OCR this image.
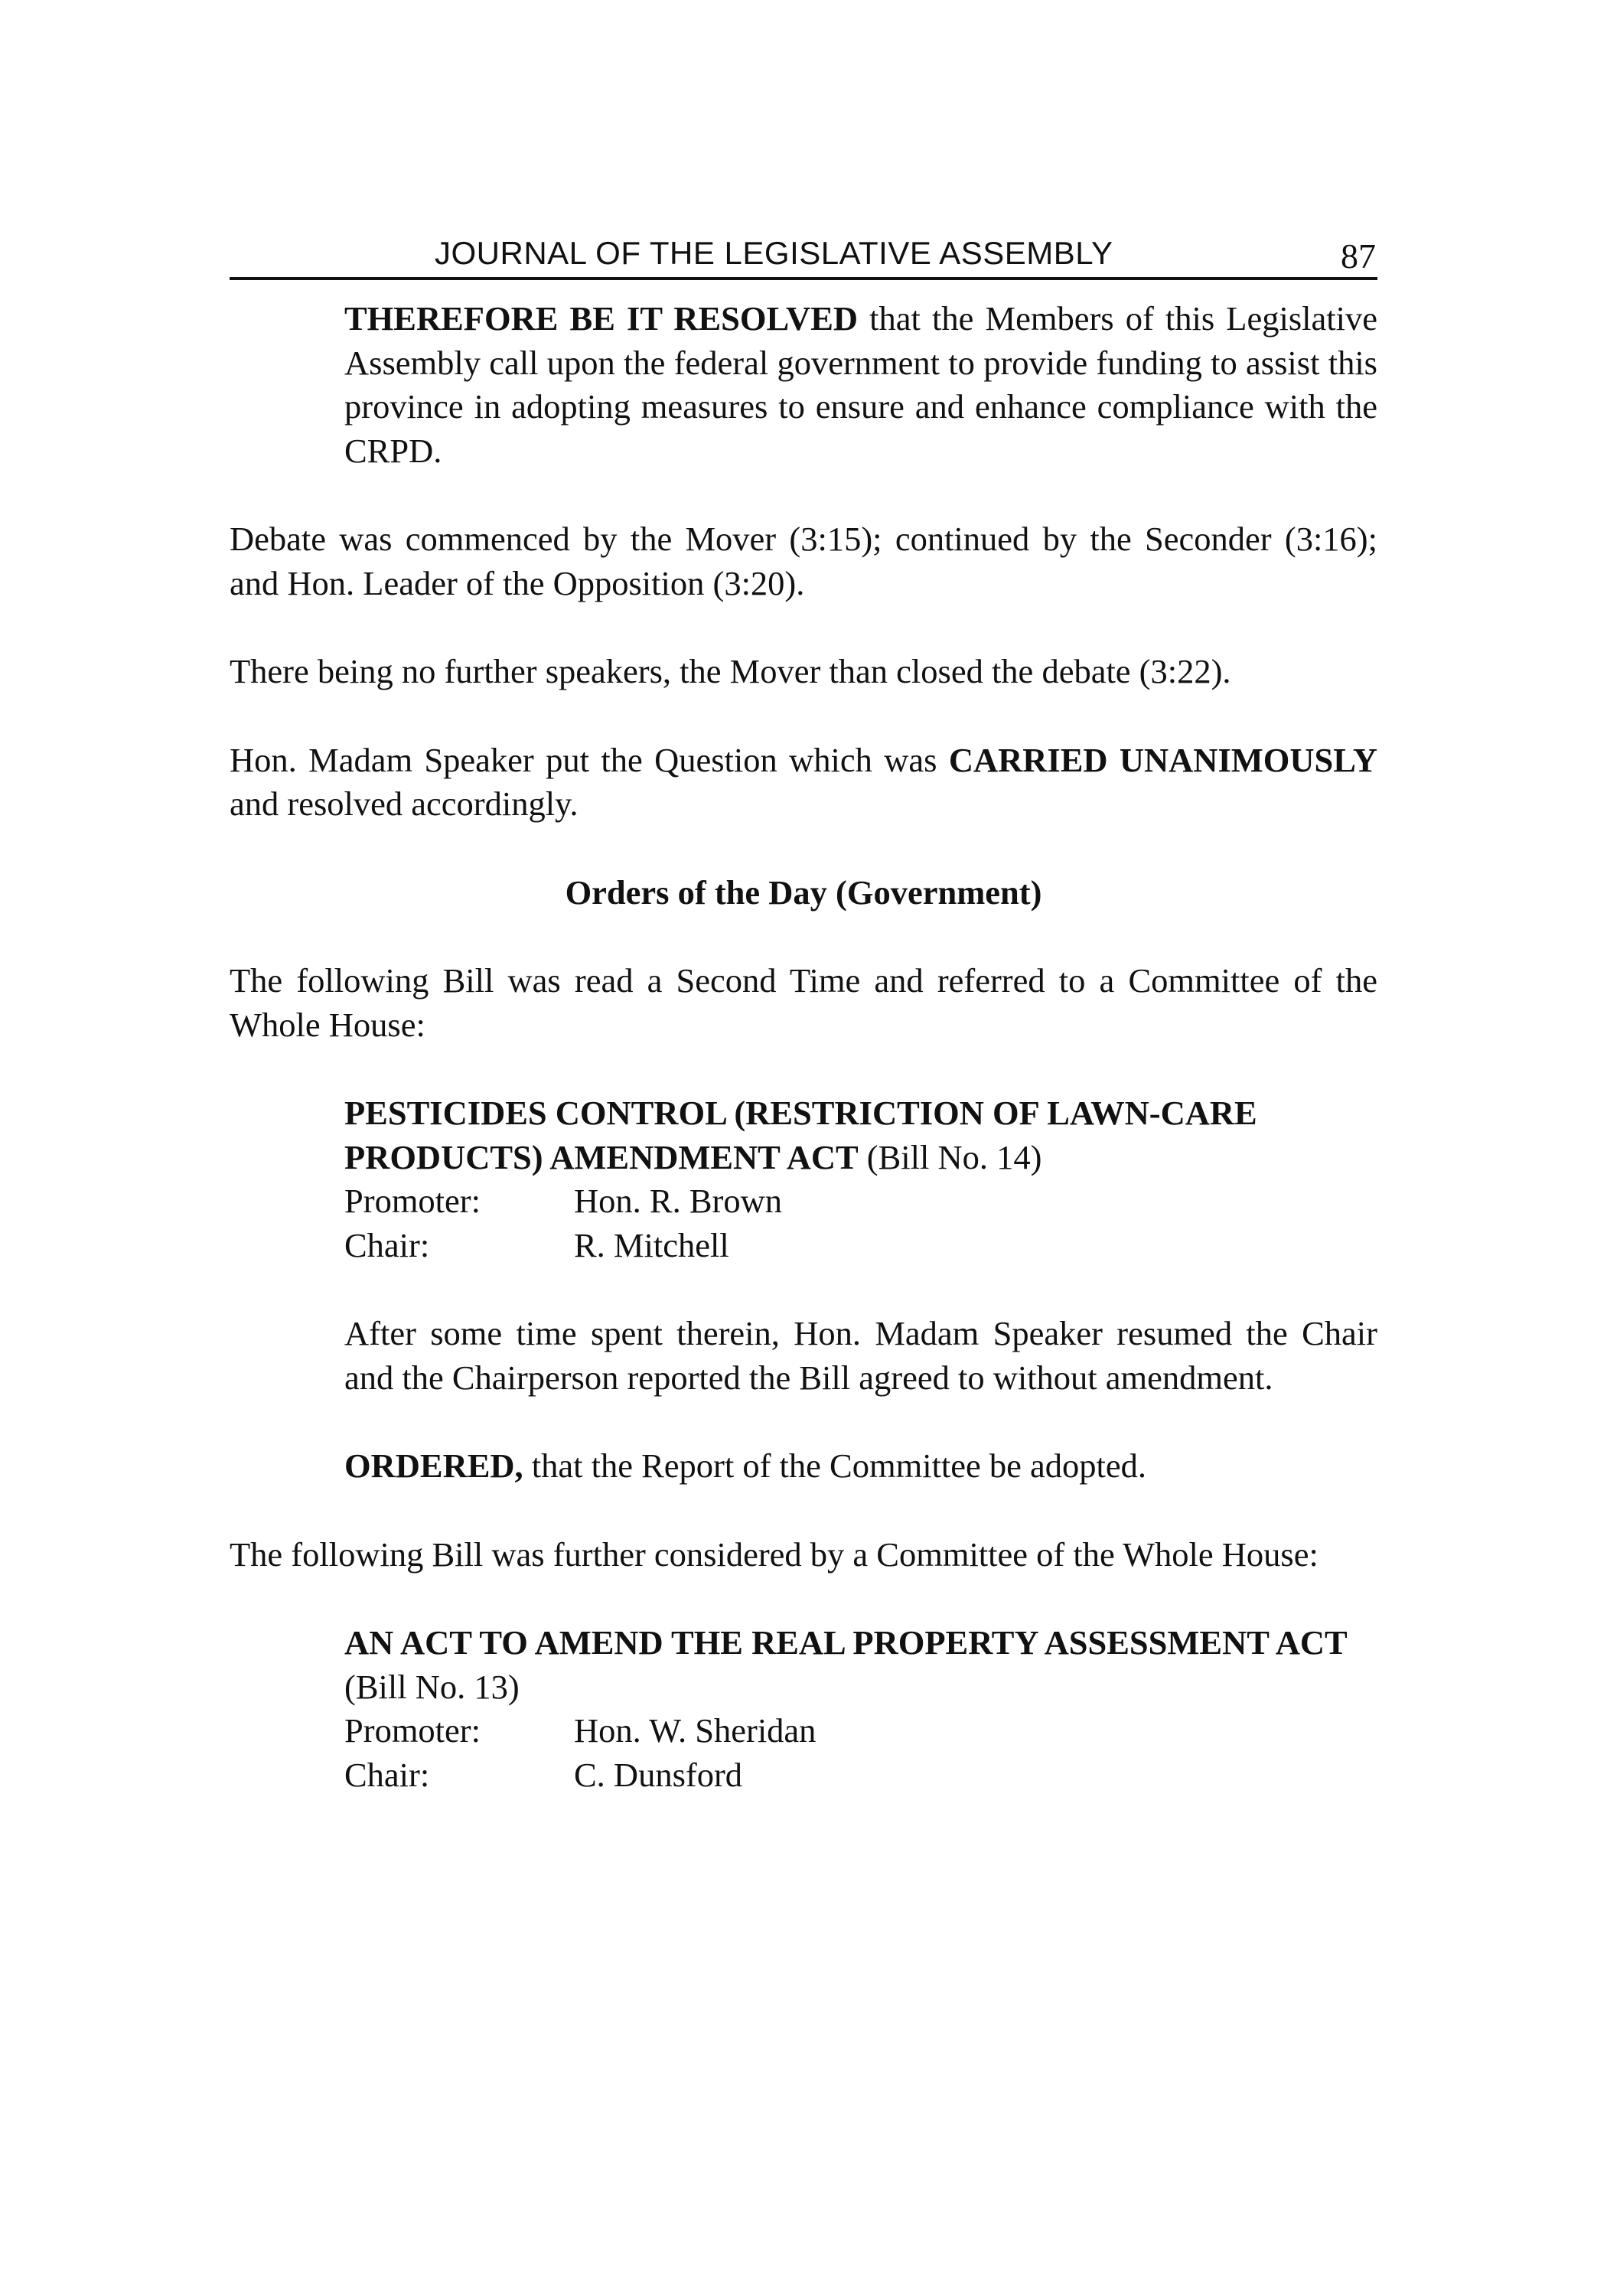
JOURNAL OF THE LEGISLATIVE ASSEMBLY	87

THEREFORE BE IT RESOLVED that the Members of this Legislative Assembly call upon the federal government to provide funding to assist this province in adopting measures to ensure and enhance compliance with the CRPD.

Debate was commenced by the Mover (3:15); continued by the Seconder (3:16); and Hon. Leader of the Opposition (3:20).

There being no further speakers, the Mover than closed the debate (3:22).

Hon. Madam Speaker put the Question which was CARRIED UNANIMOUSLY and resolved accordingly.

Orders of the Day (Government)

The following Bill was read a Second Time and referred to a Committee of the Whole House:

PESTICIDES CONTROL (RESTRICTION OF LAWN-CARE PRODUCTS) AMENDMENT ACT (Bill No. 14)

Promoter:	Hon. R. Brown
Chair:	R. Mitchell

After some time spent therein, Hon. Madam Speaker resumed the Chair and the Chairperson reported the Bill agreed to without amendment.

ORDERED, that the Report of the Committee be adopted.

The following Bill was further considered by a Committee of the Whole House:

AN ACT TO AMEND THE REAL PROPERTY ASSESSMENT ACT (Bill No. 13)

Promoter:	Hon. W. Sheridan
Chair:	C. Dunsford
